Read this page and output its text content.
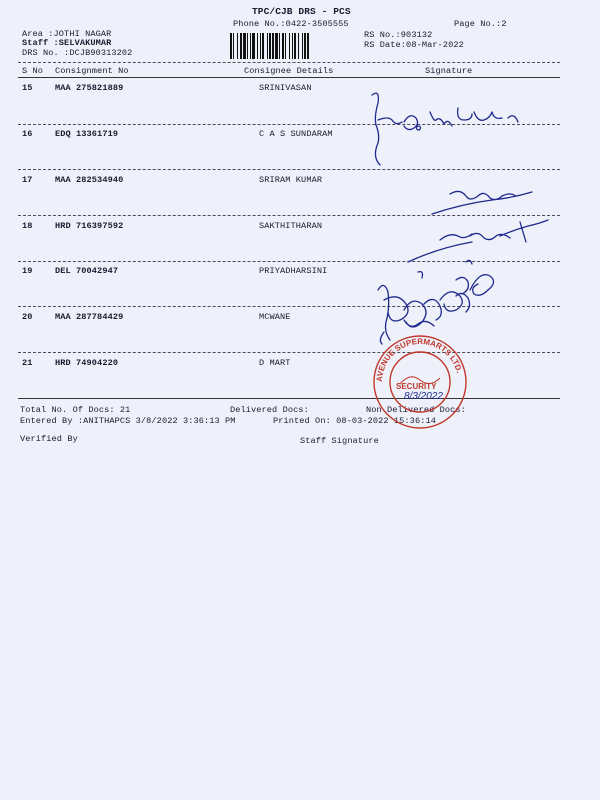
TPC/CJB DRS - PCS
Phone No.:0422-3505555	Page No.:2
Area :JOTHI NAGAR
Staff :SELVAKUMAR
DRS No. :DCJB90313202
RS No.:903132
RS Date:08-Mar-2022
S No Consignment No	Consignee Details	Signature
15	MAA 275821889	SRINIVASAN
16	EDQ 13361719	C A S SUNDARAM
17	MAA 282534940	SRIRAM KUMAR
18	HRD 716397592	SAKTHITHARAN
19	DEL 70042947	PRIYADHARSINI
20	MAA 287784429	MCWANE
21	HRD 74904220	D MART
Total No. Of Docs: 21	Delivered Docs:	Non Delivered Docs:
Entered By :ANITHAPCS 3/8/2022 3:36:13 PM	Printed On: 08-03-2022 15:36:14
Verified By	Staff Signature
SECURITY
8/3/2022
AVENUE SUPERMARTS LTD.
